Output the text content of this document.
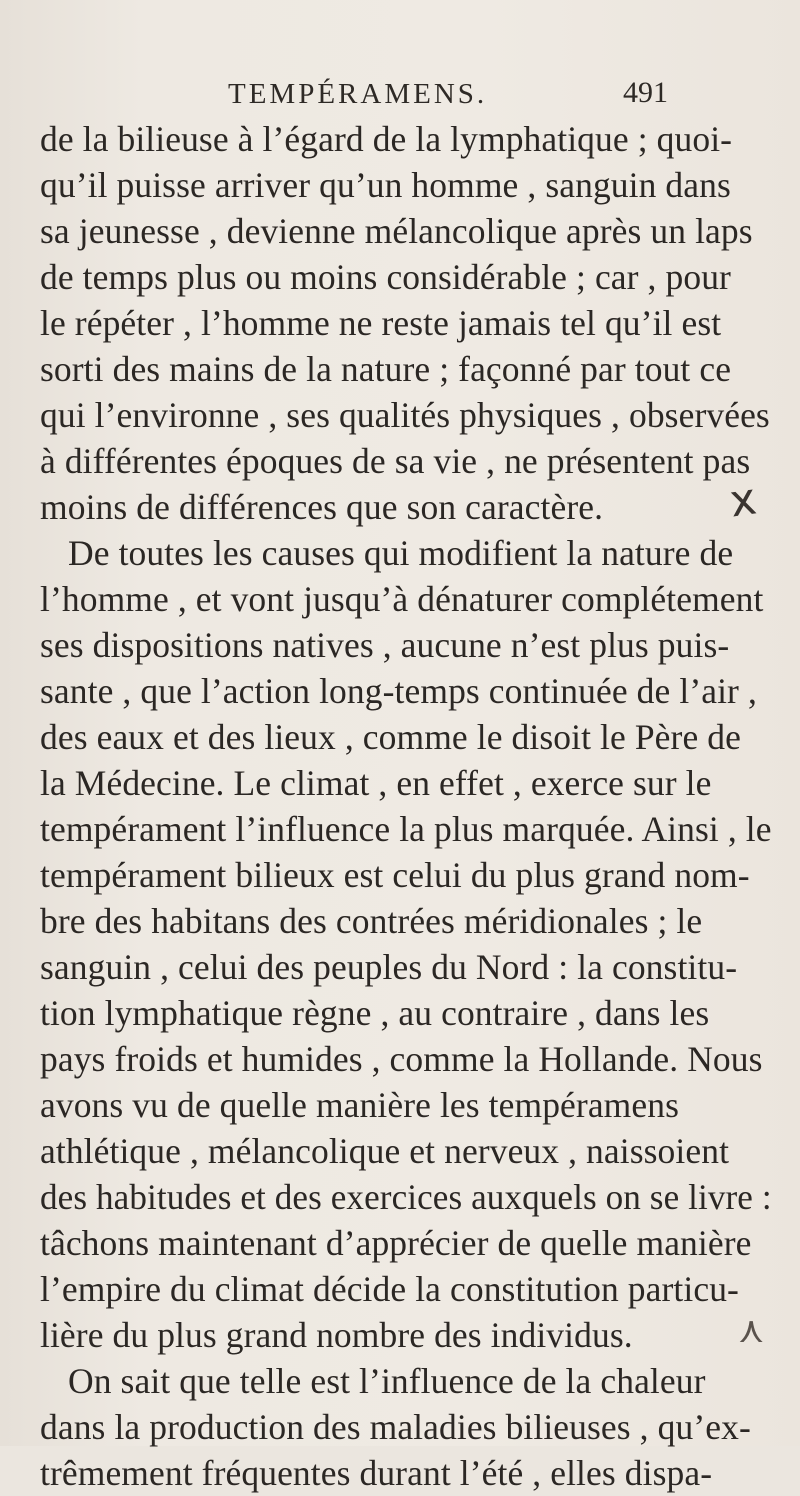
TEMPÉRAMENS.	491
de la bilieuse à l’égard de la lymphatique ; quoi-
qu’il puisse arriver qu’un homme , sanguin dans
sa jeunesse , devienne mélancolique après un laps
de temps plus ou moins considérable ; car , pour
le répéter , l’homme ne reste jamais tel qu’il est
sorti des mains de la nature ; façonné par tout ce
qui l’environne , ses qualités physiques , observées
à différentes époques de sa vie , ne présentent pas
moins de différences que son caractère.
De toutes les causes qui modifient la nature de
l’homme , et vont jusqu’à dénaturer complétement
ses dispositions natives , aucune n’est plus puis-
sante , que l’action long-temps continuée de l’air ,
des eaux et des lieux , comme le disoit le Père de
la Médecine. Le climat , en effet , exerce sur le
tempérament l’influence la plus marquée. Ainsi , le
tempérament bilieux est celui du plus grand nom-
bre des habitans des contrées méridionales ; le
sanguin , celui des peuples du Nord : la constitu-
tion lymphatique règne , au contraire , dans les
pays froids et humides , comme la Hollande. Nous
avons vu de quelle manière les tempéramens
athlétique , mélancolique et nerveux , naissoient
des habitudes et des exercices auxquels on se livre :
tâchons maintenant d’apprécier de quelle manière
l’empire du climat décide la constitution particu-
lière du plus grand nombre des individus.
On sait que telle est l’influence de la chaleur
dans la production des maladies bilieuses , qu’ex-
trêmement fréquentes durant l’été , elles dispa-
x
⋏
